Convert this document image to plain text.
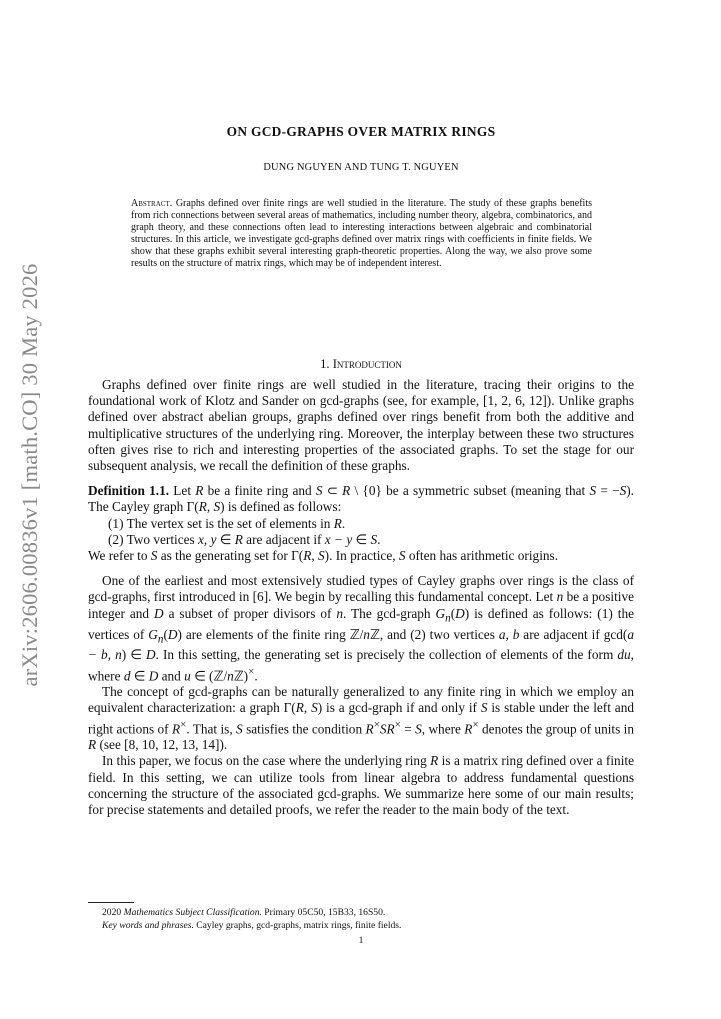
arXiv:2606.00836v1 [math.CO] 30 May 2026
ON GCD-GRAPHS OVER MATRIX RINGS
DUNG NGUYEN AND TUNG T. NGUYEN
Abstract. Graphs defined over finite rings are well studied in the literature. The study of these graphs benefits from rich connections between several areas of mathematics, including number theory, algebra, combinatorics, and graph theory, and these connections often lead to interesting interactions between algebraic and combinatorial structures. In this article, we investigate gcd-graphs defined over matrix rings with coefficients in finite fields. We show that these graphs exhibit several interesting graph-theoretic properties. Along the way, we also prove some results on the structure of matrix rings, which may be of independent interest.
1. Introduction

Graphs defined over finite rings are well studied in the literature, tracing their origins to the foundational work of Klotz and Sander on gcd-graphs (see, for example, [1, 2, 6, 12]). Unlike graphs defined over abstract abelian groups, graphs defined over rings benefit from both the additive and multiplicative structures of the underlying ring. Moreover, the interplay between these two structures often gives rise to rich and interesting properties of the associated graphs. To set the stage for our subsequent analysis, we recall the definition of these graphs.

Definition 1.1. Let R be a finite ring and S ⊂ R \ {0} be a symmetric subset (meaning that S = −S). The Cayley graph Γ(R, S) is defined as follows:

(1) The vertex set is the set of elements in R.
(2) Two vertices x, y ∈ R are adjacent if x − y ∈ S.

We refer to S as the generating set for Γ(R, S). In practice, S often has arithmetic origins.

One of the earliest and most extensively studied types of Cayley graphs over rings is the class of gcd-graphs, first introduced in [6]. We begin by recalling this fundamental concept. Let n be a positive integer and D a subset of proper divisors of n. The gcd-graph $G_n(D)$ is defined as follows: (1) the vertices of $G_n(D)$ are elements of the finite ring ℤ/nℤ, and (2) two vertices a, b are adjacent if gcd(a − b, n) ∈ D. In this setting, the generating set is precisely the collection of elements of the form du, where d ∈ D and u ∈ (ℤ/nℤ)×.

The concept of gcd-graphs can be naturally generalized to any finite ring in which we employ an equivalent characterization: a graph Γ(R, S) is a gcd-graph if and only if S is stable under the left and right actions of R×. That is, S satisfies the condition R×SR× = S, where R× denotes the group of units in R (see [8, 10, 12, 13, 14]).

In this paper, we focus on the case where the underlying ring R is a matrix ring defined over a finite field. In this setting, we can utilize tools from linear algebra to address fundamental questions concerning the structure of the associated gcd-graphs. We summarize here some of our main results; for precise statements and detailed proofs, we refer the reader to the main body of the text.

2020 Mathematics Subject Classification. Primary 05C50, 15B33, 16S50.

Key words and phrases. Cayley graphs, gcd-graphs, matrix rings, finite fields.

1
